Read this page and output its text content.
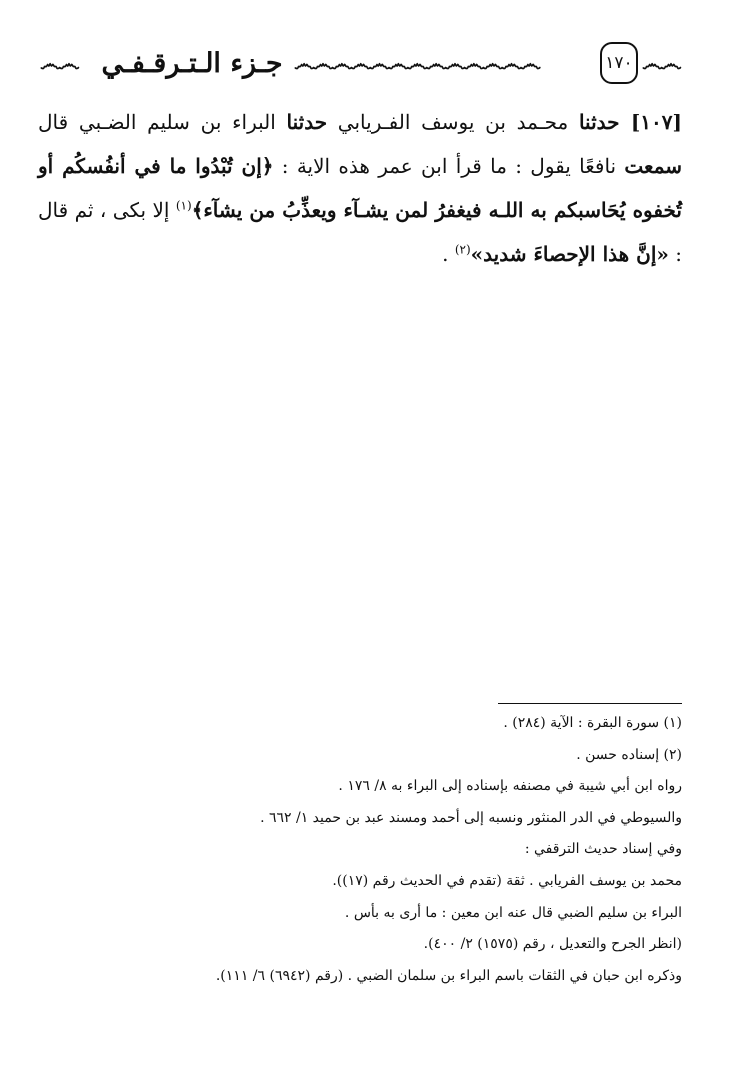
෴෴ جـزء الـتـرقـفـي ෴෴෴෴෴෴෴෴෴෴෴෴෴	١٧٠ ෴෴
[١٠٧] حدثنا محـمد بن يوسف الفـريابي حدثنا البراء بن سليم الضـبي قال سمعت نافعًا يقول : ما قرأ ابن عمر هذه الاية : ﴿إن تُبْدُوا ما في أنفُسكُم أو تُخفوه يُحَاسبكم به اللـه فيغفرُ لمن يشـآء ويعذِّبُ من يشآء﴾$^{(١)}$ إلا بكى ، ثم قال : «إنَّ هذا الإحصاءَ شديد»$^{(٢)}$ .
(١) سورة البقرة : الآية (٢٨٤) .
(٢) إسناده حسن .
رواه ابن أبي شيبة في مصنفه بإسناده إلى البراء به ٨/ ١٧٦ .
والسيوطي في الدر المنثور ونسبه إلى أحمد ومسند عبد بن حميد ١/ ٦٦٢ .
وفي إسناد حديث الترقفي :
محمد بن يوسف الفريابي . ثقة (تقدم في الحديث رقم (١٧)).
البراء بن سليم الضبي قال عنه ابن معين : ما أرى به بأس .
(انظر الجرح والتعديل ، رقم (١٥٧٥) ٢/ ٤٠٠).
وذكره ابن حبان في الثقات باسم البراء بن سلمان الضبي . (رقم (٦٩٤٢) ٦/ ١١١).
